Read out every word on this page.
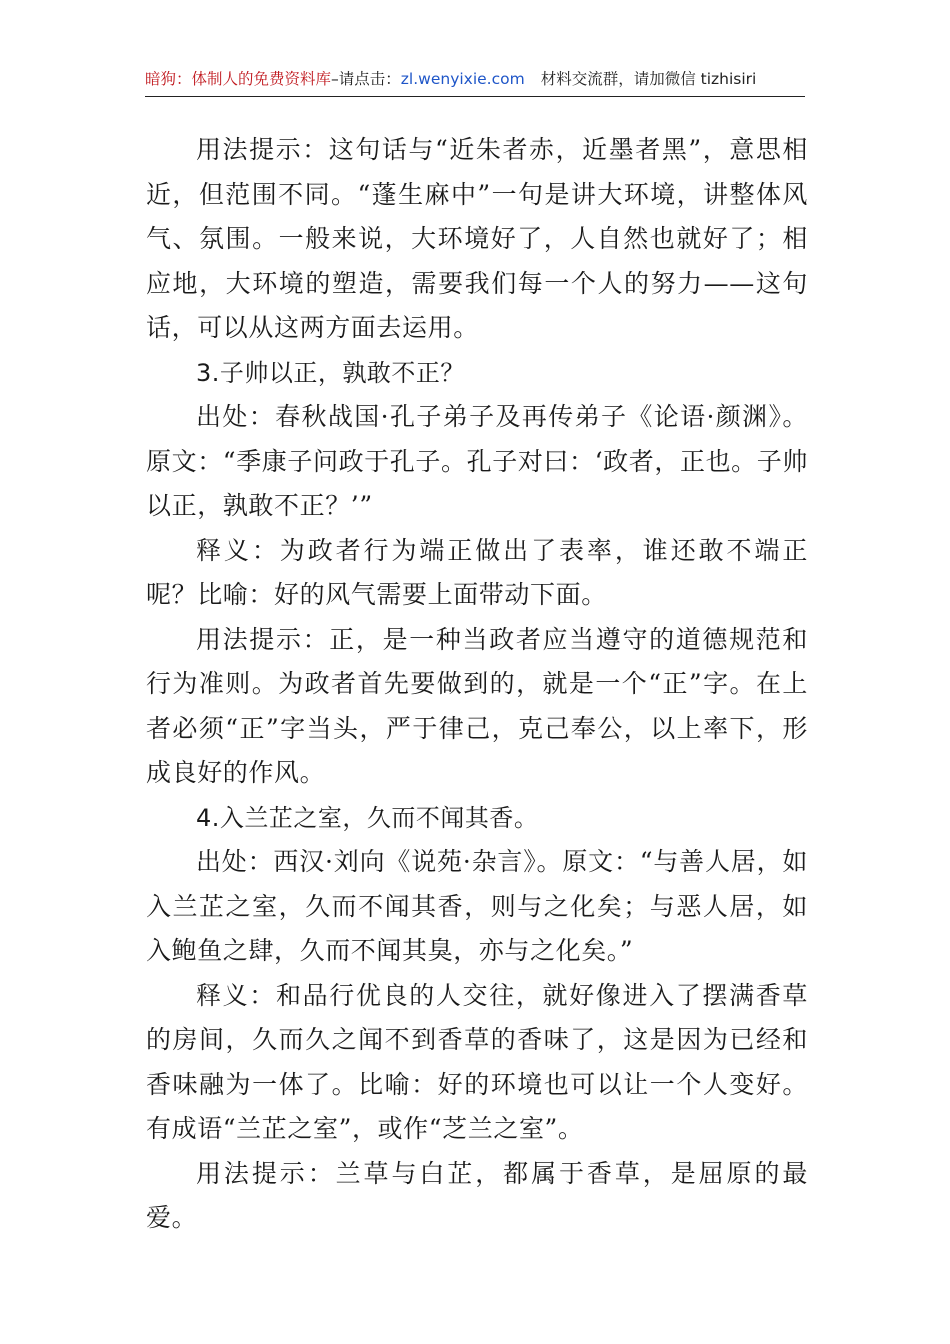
暗狗：体制人的免费资料库–请点击：zl.wenyixie.com 材料交流群，请加微信 tizhisiri

用法提示：这句话与“近朱者赤，近墨者黑”，意思相近，但范围不同。“蓬生麻中”一句是讲大环境，讲整体风气、氛围。一般来说，大环境好了，人自然也就好了；相应地，大环境的塑造，需要我们每一个人的努力——这句话，可以从这两方面去运用。

3.子帅以正，孰敢不正？

出处：春秋战国·孔子弟子及再传弟子《论语·颜渊》。原文：“季康子问政于孔子。孔子对曰：‘政者，正也。子帅以正，孰敢不正？’”

释义：为政者行为端正做出了表率，谁还敢不端正呢？比喻：好的风气需要上面带动下面。

用法提示：正，是一种当政者应当遵守的道德规范和行为准则。为政者首先要做到的，就是一个“正”字。在上者必须“正”字当头，严于律己，克己奉公，以上率下，形成良好的作风。

4.入兰芷之室，久而不闻其香。

出处：西汉·刘向《说苑·杂言》。原文：“与善人居，如入兰芷之室，久而不闻其香，则与之化矣；与恶人居，如入鲍鱼之肆，久而不闻其臭，亦与之化矣。”

释义：和品行优良的人交往，就好像进入了摆满香草的房间，久而久之闻不到香草的香味了，这是因为已经和香味融为一体了。比喻：好的环境也可以让一个人变好。有成语“兰芷之室”，或作“芝兰之室”。

用法提示：兰草与白芷，都属于香草，是屈原的最爱。
